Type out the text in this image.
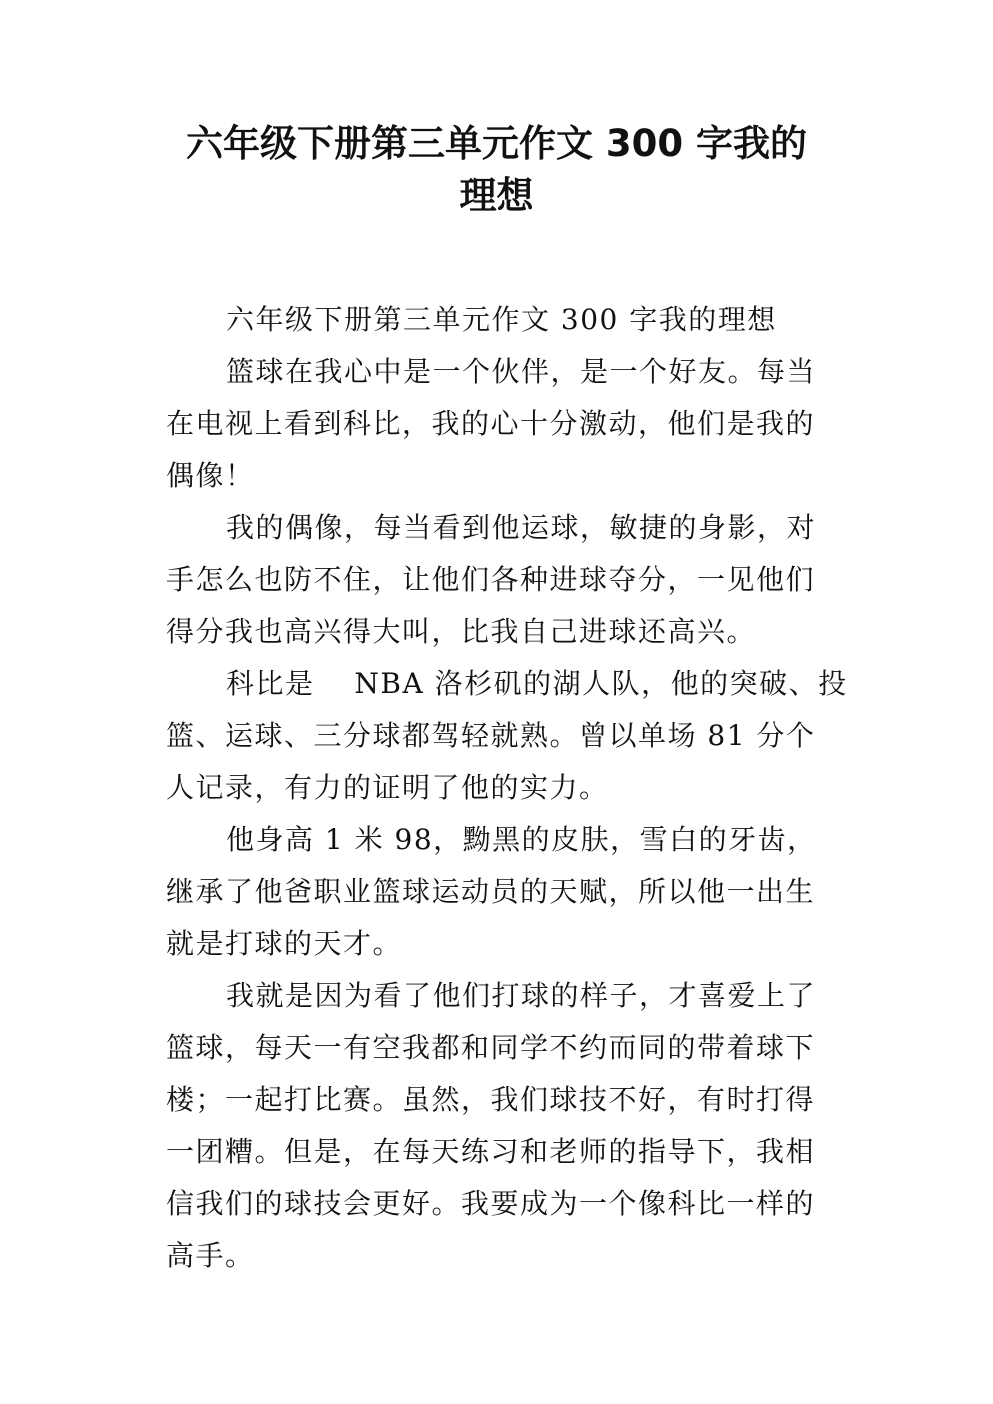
六年级下册第三单元作文 300 字我的
理想
六年级下册第三单元作文 300 字我的理想
篮球在我心中是一个伙伴，是一个好友。每当
在电视上看到科比，我的心十分激动，他们是我的
偶像！
我的偶像，每当看到他运球，敏捷的身影，对
手怎么也防不住，让他们各种进球夺分，一见他们
得分我也高兴得大叫，比我自己进球还高兴。
科比是　 NBA 洛杉矶的湖人队，他的突破、投
篮、运球、三分球都驾轻就熟。曾以单场 81 分个
人记录，有力的证明了他的实力。
他身高 1 米 98，黝黑的皮肤，雪白的牙齿，
继承了他爸职业篮球运动员的天赋，所以他一出生
就是打球的天才。
我就是因为看了他们打球的样子，才喜爱上了
篮球，每天一有空我都和同学不约而同的带着球下
楼；一起打比赛。虽然，我们球技不好，有时打得
一团糟。但是，在每天练习和老师的指导下，我相
信我们的球技会更好。我要成为一个像科比一样的
高手。
